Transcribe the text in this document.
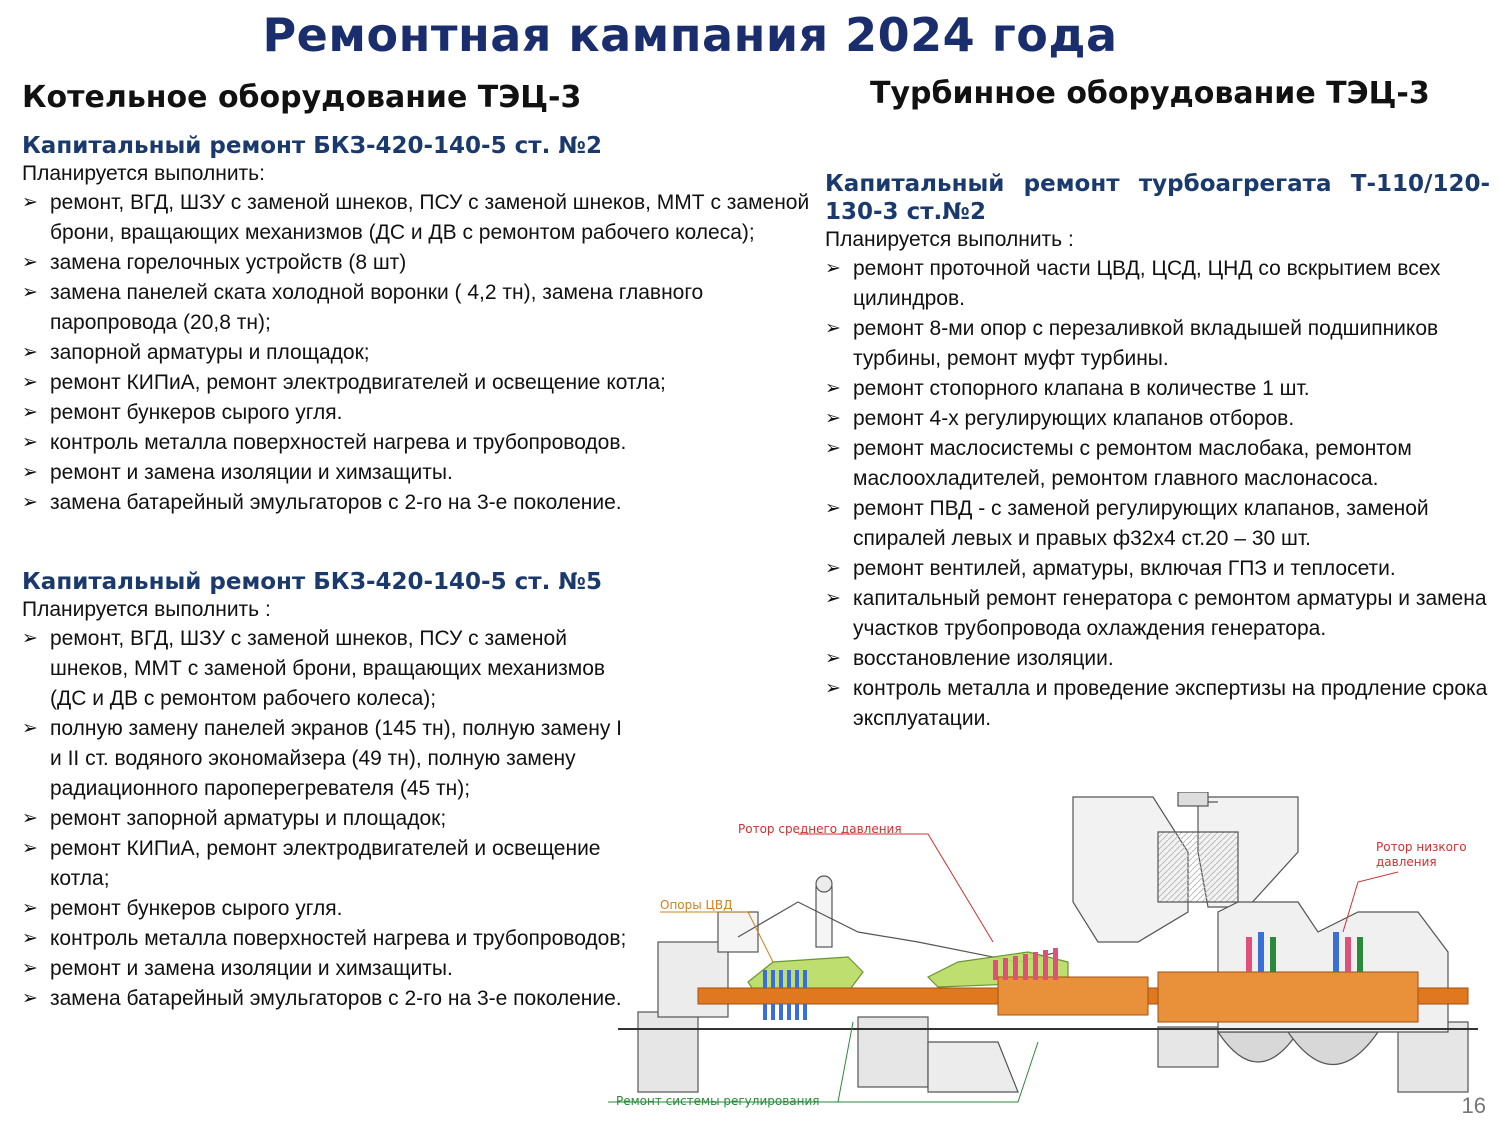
Ремонтная кампания 2024 года
Котельное оборудование ТЭЦ-3	Турбинное оборудование ТЭЦ-3
Капитальный ремонт БКЗ-420-140-5 ст. №2
Планируется выполнить:
➢ ремонт, ВГД, ШЗУ с заменой шнеков, ПСУ с заменой шнеков, ММТ с заменой брони, вращающих механизмов (ДС и ДВ с ремонтом рабочего колеса);
➢ замена горелочных устройств (8 шт)
➢ замена панелей ската холодной воронки ( 4,2 тн), замена главного паропровода (20,8 тн);
➢ запорной арматуры и площадок;
➢ ремонт КИПиА, ремонт электродвигателей и освещение котла;
➢ ремонт бункеров сырого угля.
➢ контроль металла поверхностей нагрева и трубопроводов.
➢ ремонт и замена изоляции и химзащиты.
➢ замена батарейный эмульгаторов с 2-го на 3-е поколение.
Капитальный ремонт БКЗ-420-140-5 ст. №5
Планируется выполнить :
➢ ремонт, ВГД, ШЗУ с заменой шнеков, ПСУ с заменой шнеков, ММТ с заменой брони, вращающих механизмов (ДС и ДВ с ремонтом рабочего колеса);
➢ полную замену панелей экранов (145 тн), полную замену I и II ст. водяного экономайзера (49 тн), полную замену радиационного пароперегревателя (45 тн);
➢ ремонт запорной арматуры и площадок;
➢ ремонт КИПиА, ремонт электродвигателей и освещение котла;
➢ ремонт бункеров сырого угля.
➢ контроль металла поверхностей нагрева и трубопроводов;
➢ ремонт и замена изоляции и химзащиты.
➢ замена батарейный эмульгаторов с 2-го на 3-е поколение.
Капитальный ремонт турбоагрегата Т-110/120-130-3 ст.№2
Планируется выполнить :
➢ ремонт проточной части ЦВД, ЦСД, ЦНД со вскрытием всех цилиндров.
➢ ремонт 8-ми опор с перезаливкой вкладышей подшипников турбины, ремонт муфт турбины.
➢ ремонт стопорного клапана в количестве 1 шт.
➢ ремонт 4-х регулирующих клапанов отборов.
➢ ремонт маслосистемы с ремонтом маслобака, ремонтом маслоохладителей, ремонтом главного маслонасоса.
➢ ремонт ПВД - с заменой регулирующих клапанов, заменой спиралей левых и правых ф32х4 ст.20 – 30 шт.
➢ ремонт вентилей, арматуры, включая ГПЗ и теплосети.
➢ капитальный ремонт генератора с ремонтом арматуры и замена участков трубопровода охлаждения генератора.
➢ восстановление изоляции.
➢ контроль металла и проведение экспертизы на продление срока эксплуатации.
Ротор среднего давления
Ротор низкого давления
Опоры ЦВД
Ремонт системы регулирования	16
